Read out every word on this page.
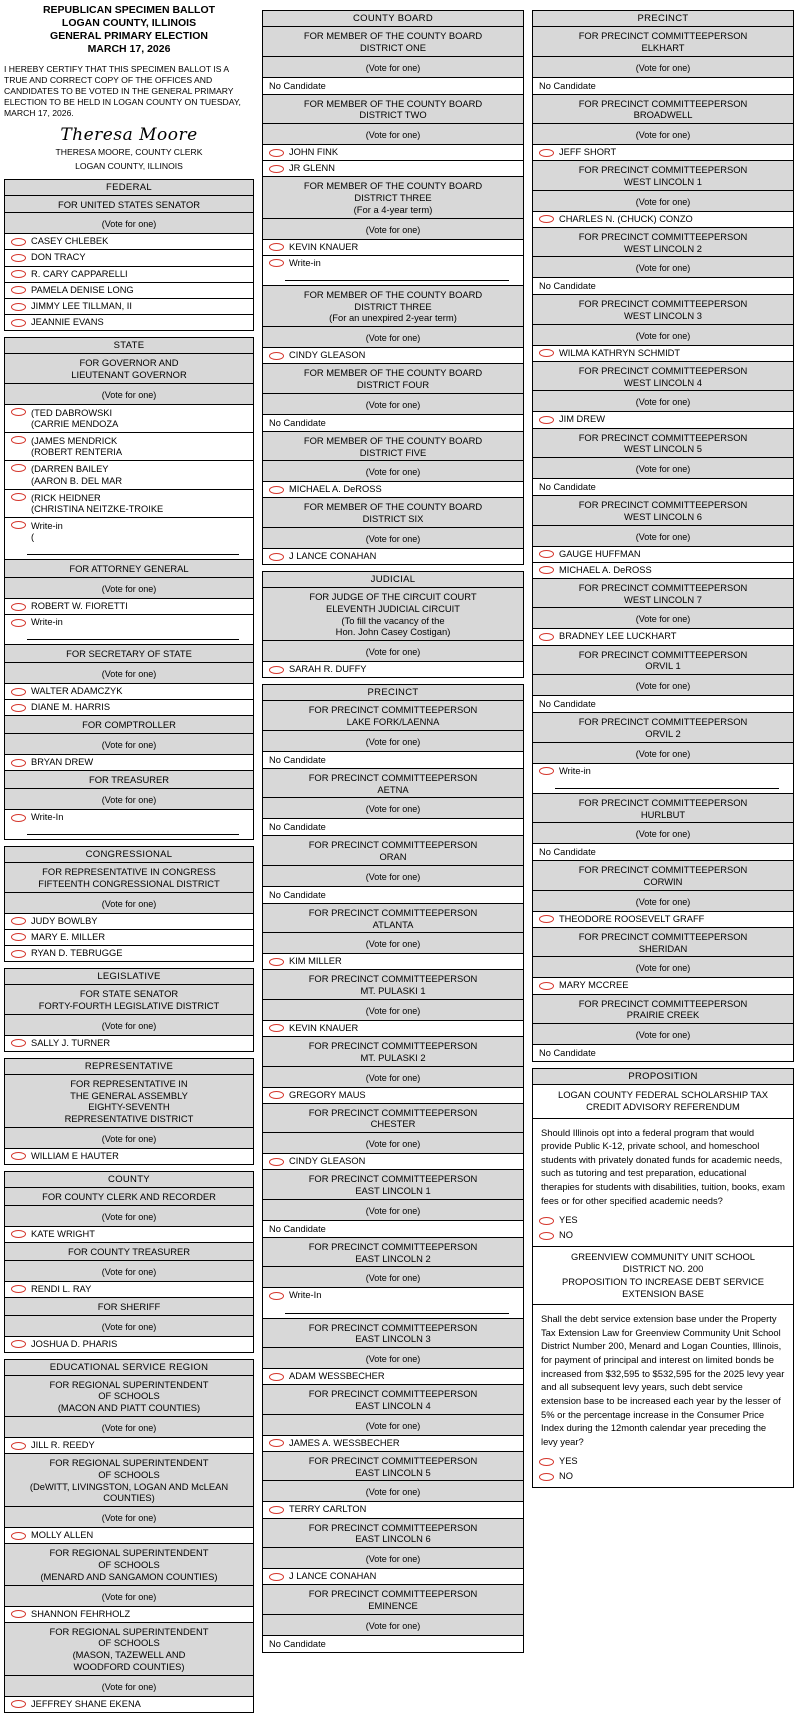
REPUBLICAN SPECIMEN BALLOT
LOGAN COUNTY, ILLINOIS
GENERAL PRIMARY ELECTION
MARCH 17, 2026
I HEREBY CERTIFY THAT THIS SPECIMEN BALLOT IS A TRUE AND CORRECT COPY OF THE OFFICES AND CANDIDATES TO BE VOTED IN THE GENERAL PRIMARY ELECTION TO BE HELD IN LOGAN COUNTY ON TUESDAY, MARCH 17, 2026.
Theresa Moore
THERESA MOORE, COUNTY CLERK
LOGAN COUNTY, ILLINOIS
FEDERAL
FOR UNITED STATES SENATOR
(Vote for one)
CASEY CHLEBEK
DON TRACY
R. CARY CAPPARELLI
PAMELA DENISE LONG
JIMMY LEE TILLMAN, II
JEANNIE EVANS
STATE
FOR GOVERNOR AND
LIEUTENANT GOVERNOR
(Vote for one)
(TED DABROWSKI
(CARRIE MENDOZA
(JAMES MENDRICK
(ROBERT RENTERIA
(DARREN BAILEY
(AARON B. DEL MAR
(RICK HEIDNER
(CHRISTINA NEITZKE-TROIKE
Write-in
(
FOR ATTORNEY GENERAL
(Vote for one)
ROBERT W. FIORETTI
Write-in
FOR SECRETARY OF STATE
(Vote for one)
WALTER ADAMCZYK
DIANE M. HARRIS
FOR COMPTROLLER
(Vote for one)
BRYAN DREW
FOR TREASURER
(Vote for one)
Write-In
CONGRESSIONAL
FOR REPRESENTATIVE IN CONGRESS
FIFTEENTH CONGRESSIONAL DISTRICT
(Vote for one)
JUDY BOWLBY
MARY E. MILLER
RYAN D. TEBRUGGE
LEGISLATIVE
FOR STATE SENATOR
FORTY-FOURTH LEGISLATIVE DISTRICT
(Vote for one)
SALLY J. TURNER
REPRESENTATIVE
FOR REPRESENTATIVE IN
THE GENERAL ASSEMBLY
EIGHTY-SEVENTH
REPRESENTATIVE DISTRICT
(Vote for one)
WILLIAM E HAUTER
COUNTY
FOR COUNTY CLERK AND RECORDER
(Vote for one)
KATE WRIGHT
FOR COUNTY TREASURER
(Vote for one)
RENDI L. RAY
FOR SHERIFF
(Vote for one)
JOSHUA D. PHARIS
EDUCATIONAL SERVICE REGION
FOR REGIONAL SUPERINTENDENT
OF SCHOOLS
(MACON AND PIATT COUNTIES)
(Vote for one)
JILL R. REEDY
FOR REGIONAL SUPERINTENDENT
OF SCHOOLS
(DeWITT, LIVINGSTON, LOGAN AND McLEAN
COUNTIES)
(Vote for one)
MOLLY ALLEN
FOR REGIONAL SUPERINTENDENT
OF SCHOOLS
(MENARD AND SANGAMON COUNTIES)
(Vote for one)
SHANNON FEHRHOLZ
FOR REGIONAL SUPERINTENDENT
OF SCHOOLS
(MASON, TAZEWELL AND
WOODFORD COUNTIES)
(Vote for one)
JEFFREY SHANE EKENA
COUNTY BOARD
FOR MEMBER OF THE COUNTY BOARD
DISTRICT ONE
(Vote for one)
No Candidate
FOR MEMBER OF THE COUNTY BOARD
DISTRICT TWO
(Vote for one)
JOHN FINK
JR GLENN
FOR MEMBER OF THE COUNTY BOARD
DISTRICT THREE
(For a 4-year term)
(Vote for one)
KEVIN KNAUER
Write-in
FOR MEMBER OF THE COUNTY BOARD
DISTRICT THREE
(For an unexpired 2-year term)
(Vote for one)
CINDY GLEASON
FOR MEMBER OF THE COUNTY BOARD
DISTRICT FOUR
(Vote for one)
No Candidate
FOR MEMBER OF THE COUNTY BOARD
DISTRICT FIVE
(Vote for one)
MICHAEL A. DeROSS
FOR MEMBER OF THE COUNTY BOARD
DISTRICT SIX
(Vote for one)
J LANCE CONAHAN
JUDICIAL
FOR JUDGE OF THE CIRCUIT COURT
ELEVENTH JUDICIAL CIRCUIT
(To fill the vacancy of the
Hon. John Casey Costigan)
(Vote for one)
SARAH R. DUFFY
PRECINCT
FOR PRECINCT COMMITTEEPERSON
LAKE FORK/LAENNA
(Vote for one)
No Candidate
FOR PRECINCT COMMITTEEPERSON
AETNA
(Vote for one)
No Candidate
FOR PRECINCT COMMITTEEPERSON
ORAN
(Vote for one)
No Candidate
FOR PRECINCT COMMITTEEPERSON
ATLANTA
(Vote for one)
KIM MILLER
FOR PRECINCT COMMITTEEPERSON
MT. PULASKI 1
(Vote for one)
KEVIN KNAUER
FOR PRECINCT COMMITTEEPERSON
MT. PULASKI 2
(Vote for one)
GREGORY MAUS
FOR PRECINCT COMMITTEEPERSON
CHESTER
(Vote for one)
CINDY GLEASON
FOR PRECINCT COMMITTEEPERSON
EAST LINCOLN 1
(Vote for one)
No Candidate
FOR PRECINCT COMMITTEEPERSON
EAST LINCOLN 2
(Vote for one)
Write-In
FOR PRECINCT COMMITTEEPERSON
EAST LINCOLN 3
(Vote for one)
ADAM WESSBECHER
FOR PRECINCT COMMITTEEPERSON
EAST LINCOLN 4
(Vote for one)
JAMES A. WESSBECHER
FOR PRECINCT COMMITTEEPERSON
EAST LINCOLN 5
(Vote for one)
TERRY CARLTON
FOR PRECINCT COMMITTEEPERSON
EAST LINCOLN 6
(Vote for one)
J LANCE CONAHAN
FOR PRECINCT COMMITTEEPERSON
EMINENCE
(Vote for one)
No Candidate
PRECINCT
FOR PRECINCT COMMITTEEPERSON
ELKHART
(Vote for one)
No Candidate
FOR PRECINCT COMMITTEEPERSON
BROADWELL
(Vote for one)
JEFF SHORT
FOR PRECINCT COMMITTEEPERSON
WEST LINCOLN 1
(Vote for one)
CHARLES N. (CHUCK) CONZO
FOR PRECINCT COMMITTEEPERSON
WEST LINCOLN 2
(Vote for one)
No Candidate
FOR PRECINCT COMMITTEEPERSON
WEST LINCOLN 3
(Vote for one)
WILMA KATHRYN SCHMIDT
FOR PRECINCT COMMITTEEPERSON
WEST LINCOLN 4
(Vote for one)
JIM DREW
FOR PRECINCT COMMITTEEPERSON
WEST LINCOLN 5
(Vote for one)
No Candidate
FOR PRECINCT COMMITTEEPERSON
WEST LINCOLN 6
(Vote for one)
GAUGE HUFFMAN
MICHAEL A. DeROSS
FOR PRECINCT COMMITTEEPERSON
WEST LINCOLN 7
(Vote for one)
BRADNEY LEE LUCKHART
FOR PRECINCT COMMITTEEPERSON
ORVIL 1
(Vote for one)
No Candidate
FOR PRECINCT COMMITTEEPERSON
ORVIL 2
(Vote for one)
Write-in
FOR PRECINCT COMMITTEEPERSON
HURLBUT
(Vote for one)
No Candidate
FOR PRECINCT COMMITTEEPERSON
CORWIN
(Vote for one)
THEODORE ROOSEVELT GRAFF
FOR PRECINCT COMMITTEEPERSON
SHERIDAN
(Vote for one)
MARY MCCREE
FOR PRECINCT COMMITTEEPERSON
PRAIRIE CREEK
(Vote for one)
No Candidate
PROPOSITION
LOGAN COUNTY FEDERAL SCHOLARSHIP TAX
CREDIT ADVISORY REFERENDUM
Should Illinois opt into a federal program that would provide Public K-12, private school, and homeschool students with privately donated funds for academic needs, such as tutoring and test preparation, educational therapies for students with disabilities, tuition, books, exam fees or for other specified academic needs?
YES
NO
GREENVIEW COMMUNITY UNIT SCHOOL
DISTRICT NO. 200
PROPOSITION TO INCREASE DEBT SERVICE
EXTENSION BASE
Shall the debt service extension base under the Property Tax Extension Law for Greenview Community Unit School District Number 200, Menard and Logan Counties, Illinois, for payment of principal and interest on limited bonds be increased from $32,595 to $532,595 for the 2025 levy year and all subsequent levy years, such debt service extension base to be increased each year by the lesser of 5% or the percentage increase in the Consumer Price Index during the 12month calendar year preceding the levy year?
YES
NO
